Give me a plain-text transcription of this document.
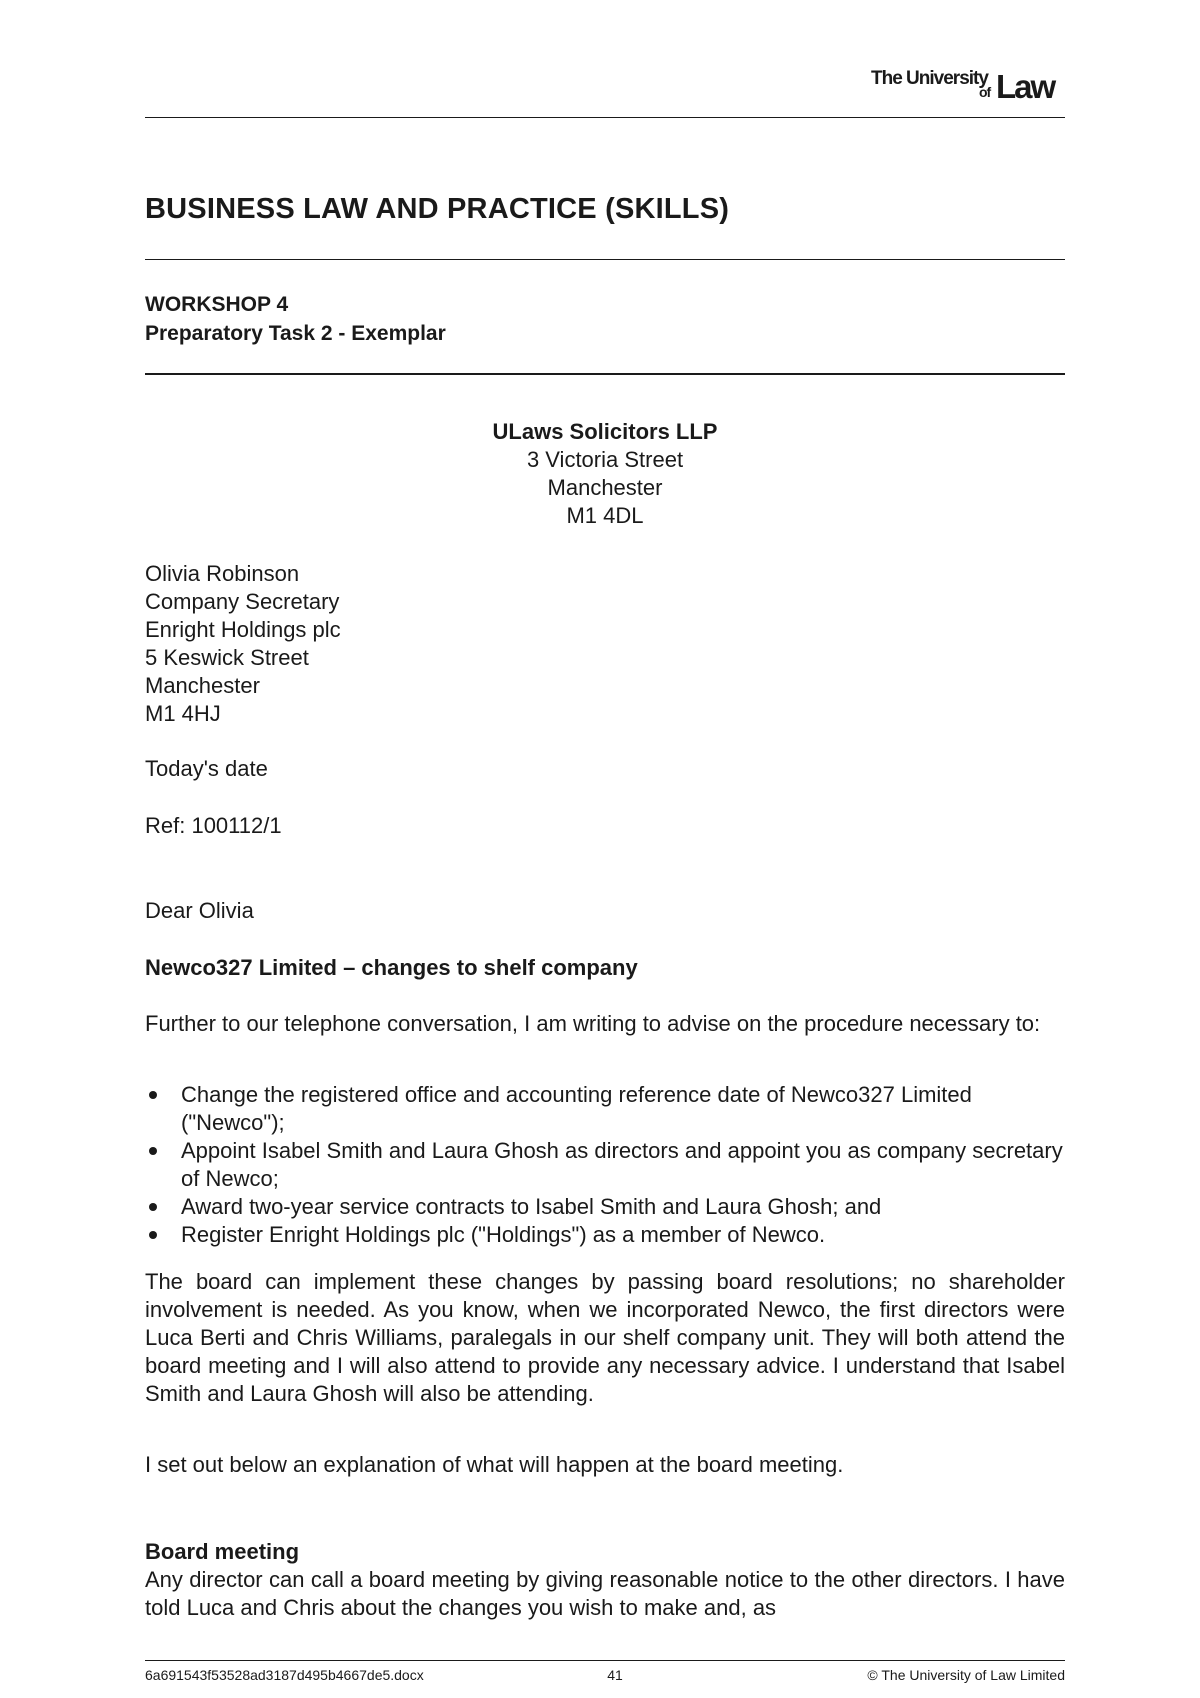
The University
of Law
BUSINESS LAW AND PRACTICE (SKILLS)
WORKSHOP 4
Preparatory Task 2 - Exemplar
ULaws Solicitors LLP
3 Victoria Street
Manchester
M1 4DL
Olivia Robinson
Company Secretary
Enright Holdings plc
5 Keswick Street
Manchester
M1 4HJ
Today's date
Ref: 100112/1
Dear Olivia
Newco327 Limited – changes to shelf company
Further to our telephone conversation, I am writing to advise on the procedure necessary to:
Change the registered office and accounting reference date of Newco327 Limited ("Newco");
Appoint Isabel Smith and Laura Ghosh as directors and appoint you as company secretary of Newco;
Award two-year service contracts to Isabel Smith and Laura Ghosh; and
Register Enright Holdings plc ("Holdings") as a member of Newco.
The board can implement these changes by passing board resolutions; no shareholder involvement is needed. As you know, when we incorporated Newco, the first directors were Luca Berti and Chris Williams, paralegals in our shelf company unit. They will both attend the board meeting and I will also attend to provide any necessary advice. I understand that Isabel Smith and Laura Ghosh will also be attending.
I set out below an explanation of what will happen at the board meeting.
Board meeting
Any director can call a board meeting by giving reasonable notice to the other directors. I have told Luca and Chris about the changes you wish to make and, as
6a691543f53528ad3187d495b4667de5.docx	41	© The University of Law Limited
